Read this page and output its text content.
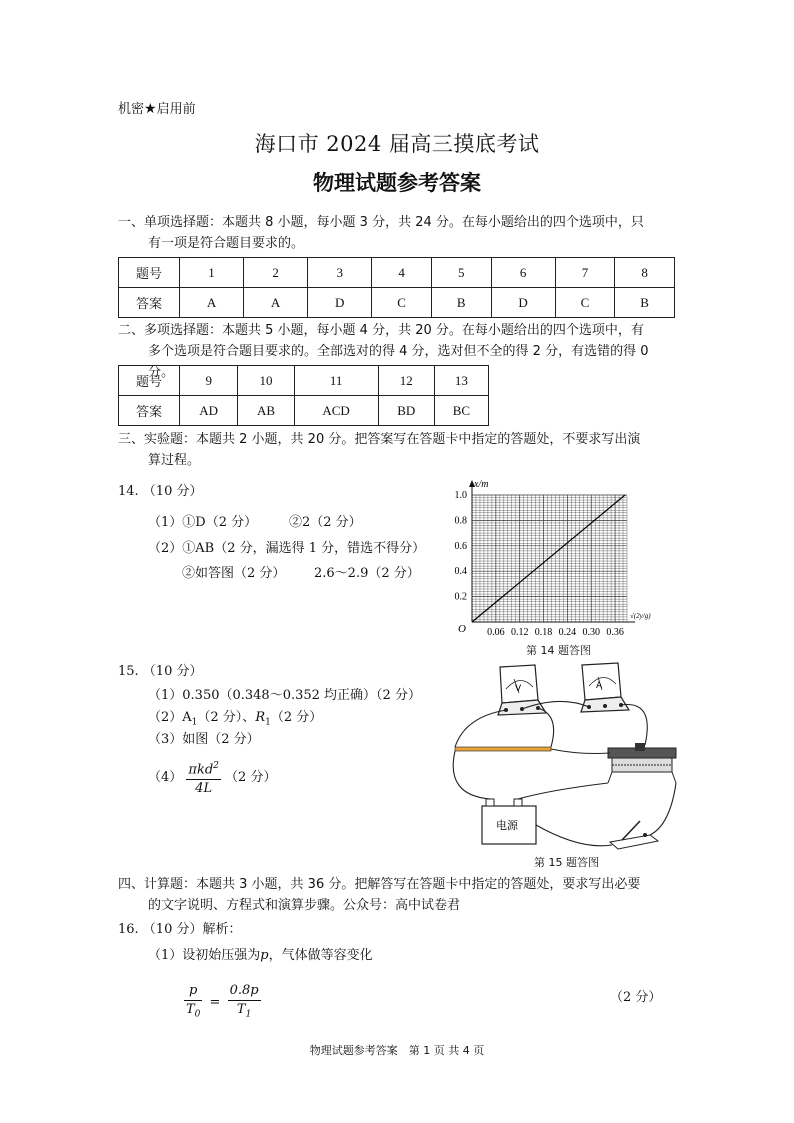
机密★启用前
海口市 2024 届高三摸底考试
物理试题参考答案
一、单项选择题：本题共 8 小题，每小题 3 分，共 24 分。在每小题给出的四个选项中，只
有一项是符合题目要求的。
题号	1	2	3	4	5	6	7	8
答案	A	A	D	C	B	D	C	B
二、多项选择题：本题共 5 小题，每小题 4 分，共 20 分。在每小题给出的四个选项中，有
多个选项是符合题目要求的。全部选对的得 4 分，选对但不全的得 2 分，有选错的得 0 分。
题号	9	10	11	12	13
答案	AD	AB	ACD	BD	BC
三、实验题：本题共 2 小题，共 20 分。把答案写在答题卡中指定的答题处，不要求写出演
算过程。
14. （10 分）
（1）①D（2 分） ②2（2 分）
（2）①AB（2 分，漏选得 1 分，错选不得分）
②如答图（2 分） 2.6～2.9（2 分）
0.06 0.12 0.18 0.24 0.30 0.36
0.2
0.4
0.6
0.8
1.0
O
x/m
√(2y/g)
第 14 题答图
15. （10 分）
（1）0.350（0.348～0.352 均正确）（2 分）
$(2)A_1(2$ 分）、$R_1(2$ 分）
（3）如图（2 分）
$(4) \frac{\pi kd^2}{4L} (2$ 分）
V	A
电源
第 15 题答图
四、计算题：本题共 3 小题，共 36 分。把解答写在答题卡中指定的答题处，要求写出必要
的文字说明、方程式和演算步骤。公众号：高中试卷君
16. （10 分）解析：
（1）设初始压强为p，气体做等容变化
$\frac{p}{T_0} = \frac{0.8p}{T_1}$	（2 分）
物理试题参考答案　第 1 页 共 4 页
